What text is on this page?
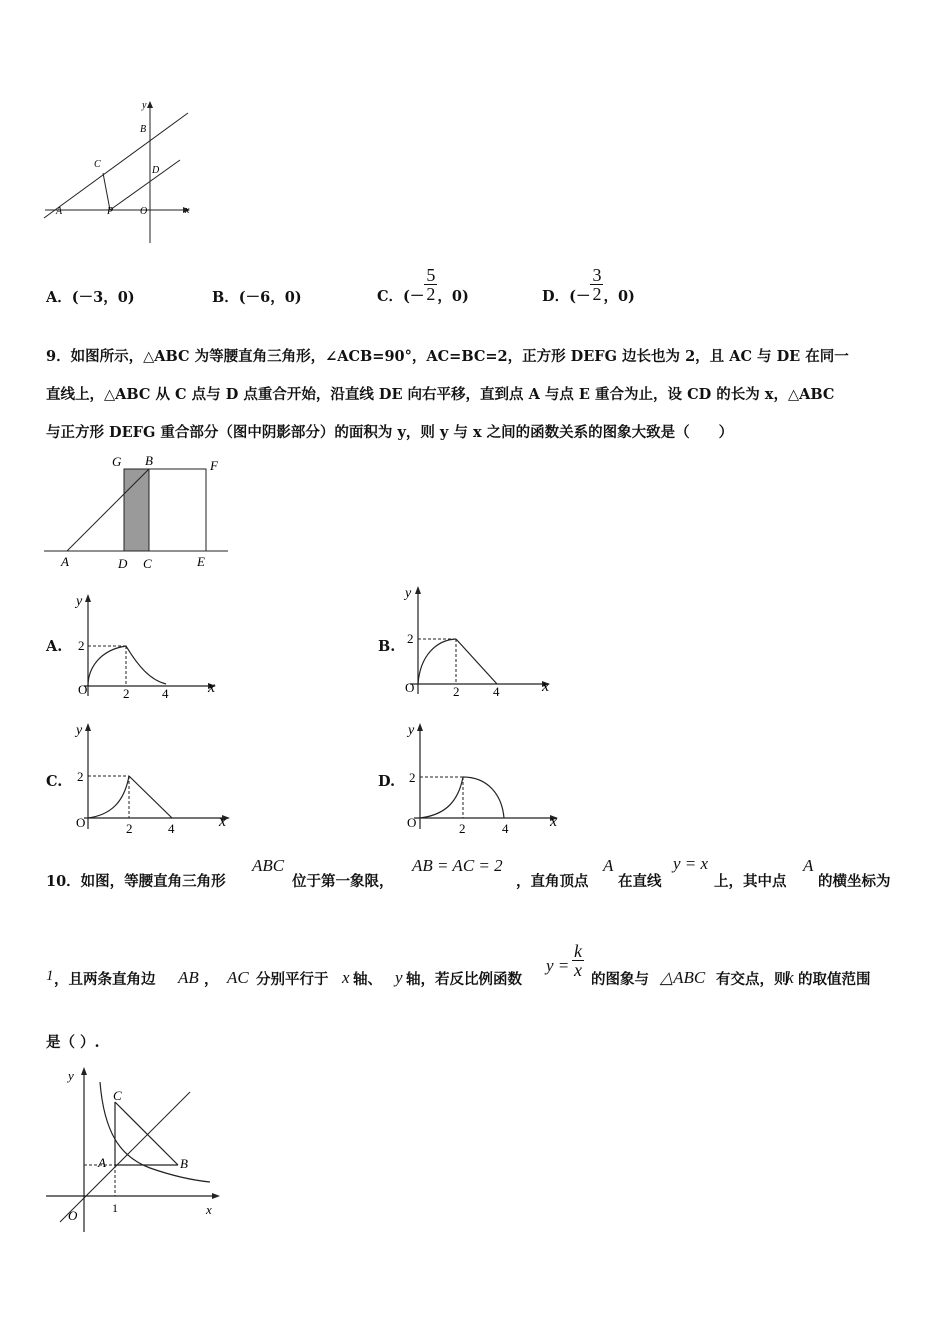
y
x
B
C
D
A	P	O
A．(－3，0)	B．(－6，0)	C． (－ $\frac{5}{2}$ ，0)	D． (－ $\frac{3}{2}$ ，0)
9．如图所示，△ABC 为等腰直角三角形，∠ACB=90°，AC=BC=2，正方形 DEFG 边长也为 2，且 AC 与 DE 在同一
直线上，△ABC 从 C 点与 D 点重合开始，沿直线 DE 向右平移，直到点 A 与点 E 重合为止，设 CD 的长为 x，△ABC
与正方形 DEFG 重合部分（图中阴影部分）的面积为 y，则 y 与 x 之间的函数关系的图象大致是（　　）
G B	F
A	D C	E
A.	B.
C.	D.
y
2
O	2	4 x
y
2
O	2	4	x
y
2
O	2	4	x
y
2
O	2	4	x
10．如图，等腰直角三角形
ABC
位于第一象限，
AB = AC = 2
，直角顶点
A
在直线
y = x
上，其中点
A
的横坐标为
1 ，且两条直角边 AB ， AC 分别平行于 x 轴、 y 轴，若反比例函数
$y = \frac{k}{x}$
的图象与 △ABC 有交点，则
k 的取值范围
是（ ）.
y
C
A	B
O	1	x
